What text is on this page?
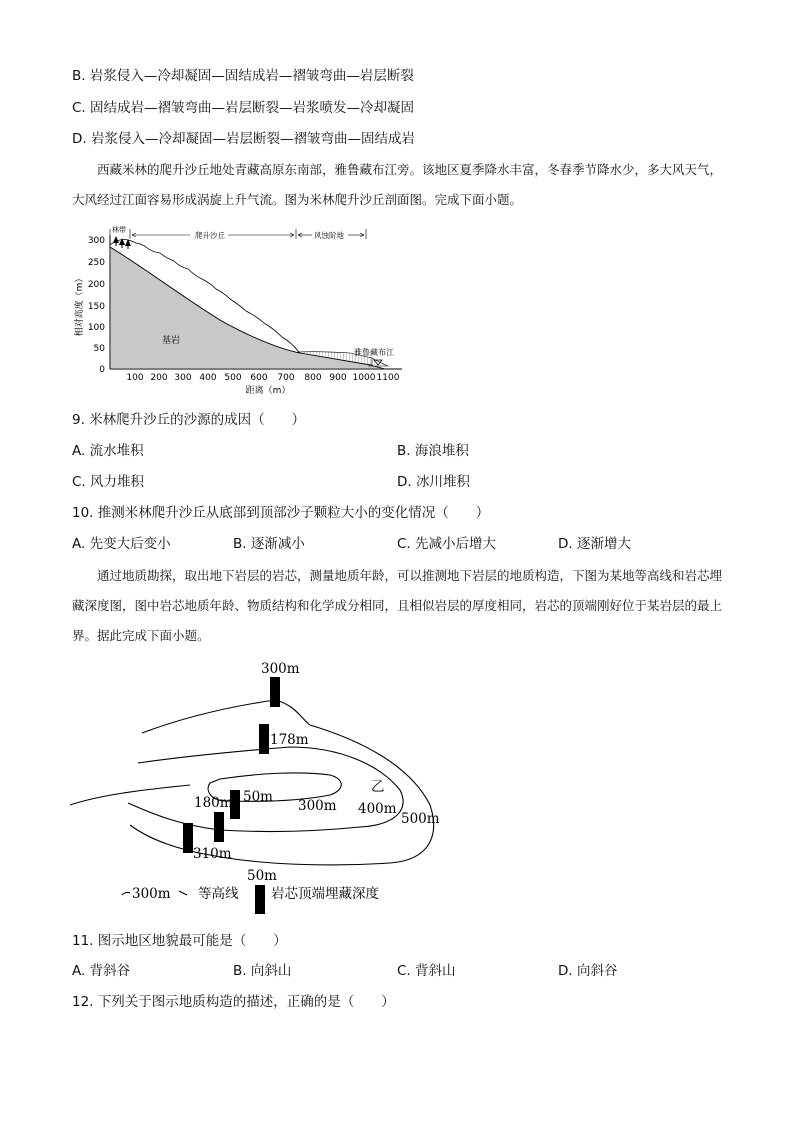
B. 岩浆侵入—冷却凝固—固结成岩—褶皱弯曲—岩层断裂
C. 固结成岩—褶皱弯曲—岩层断裂—岩浆喷发—冷却凝固
D. 岩浆侵入—冷却凝固—岩层断裂—褶皱弯曲—固结成岩
西藏米林的爬升沙丘地处青藏高原东南部，雅鲁藏布江旁。该地区夏季降水丰富，冬春季节降水少，多大风天气，大风经过江面容易形成涡旋上升气流。图为米林爬升沙丘剖面图。完成下面小题。
300
250
200
150
100
50
0
100 200 300 400 500 600 700 800 900 1000 1100
距离（m）
相对高度（m）
雅鲁藏布江
基岩
林带
爬升沙丘	风蚀阶地
9. 米林爬升沙丘的沙源的成因（　　）
A. 流水堆积	B. 海浪堆积
C. 风力堆积	D. 冰川堆积
10. 推测米林爬升沙丘从底部到顶部沙子颗粒大小的变化情况（　　）
A. 先变大后变小	B. 逐渐减小	C. 先减小后增大	D. 逐渐增大
通过地质勘探，取出地下岩层的岩芯，测量地质年龄，可以推测地下岩层的地质构造，下图为某地等高线和岩芯埋藏深度图，图中岩芯地质年龄、物质结构和化学成分相同，且相似岩层的厚度相同，岩芯的顶端刚好位于某岩层的最上界。据此完成下面小题。
300m
178m
乙
400m
500m
180m 50m
300m
310m
50m
300m 等高线 岩芯顶端埋藏深度
11. 图示地区地貌最可能是（　　）
A. 背斜谷	B. 向斜山	C. 背斜山	D. 向斜谷
12. 下列关于图示地质构造的描述，正确的是（　　）
